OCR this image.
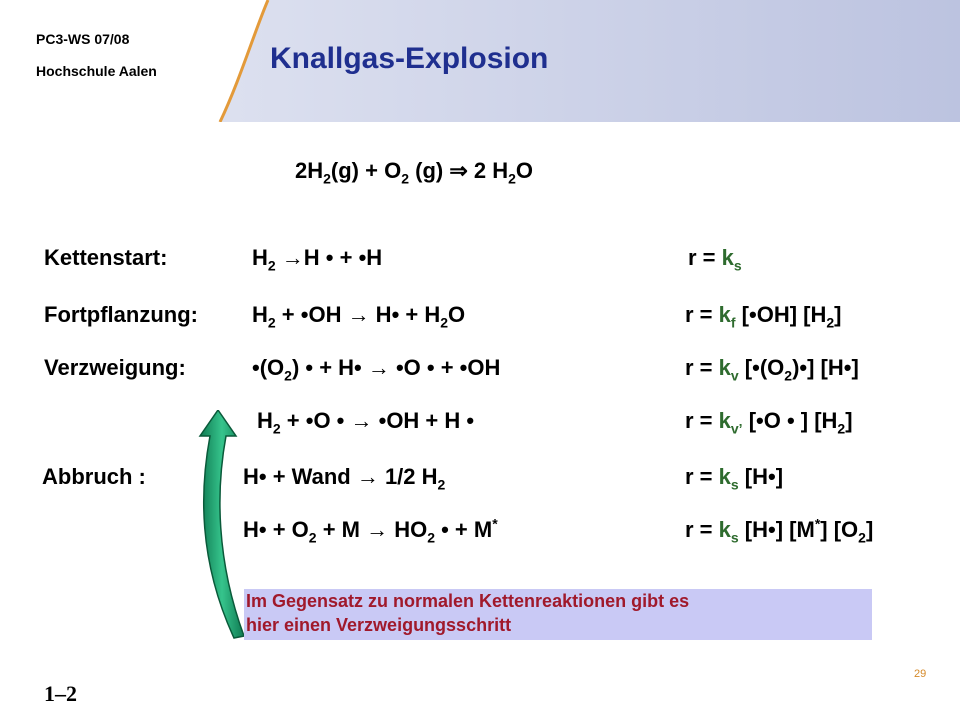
PC3-WS 07/08
Hochschule Aalen	Knallgas-Explosion
$2H_2(g) + O_2$ (g) ⇒ 2 $H_2O$
Kettenstart:	$H_2 \to H$ • + •H	$r = k_s$
Fortpflanzung: $H_2$ + •OH → H• + $H_2O$	$r = k_f$ [•OH] $[H_2]$
Verzweigung:	$•(O_2)$ • + H• → •O • + •OH	$r = k_v$ $[•(O_2)•]$ [H•]
$H_2$ + •O • → •OH + H •	$r = k_{v’}$ [•O • ] $[H_2]$
Abbruch :	H• + Wand → 1/2 $H_2$	$r = k_s$ [H•]
H• + $O_2 + M \to HO_2$ • + M*	$r = k_s$ [H•] [M*] $[O_2]$
Im Gegensatz zu normalen Kettenreaktionen gibt es
hier einen Verzweigungsschritt
29
1–2
